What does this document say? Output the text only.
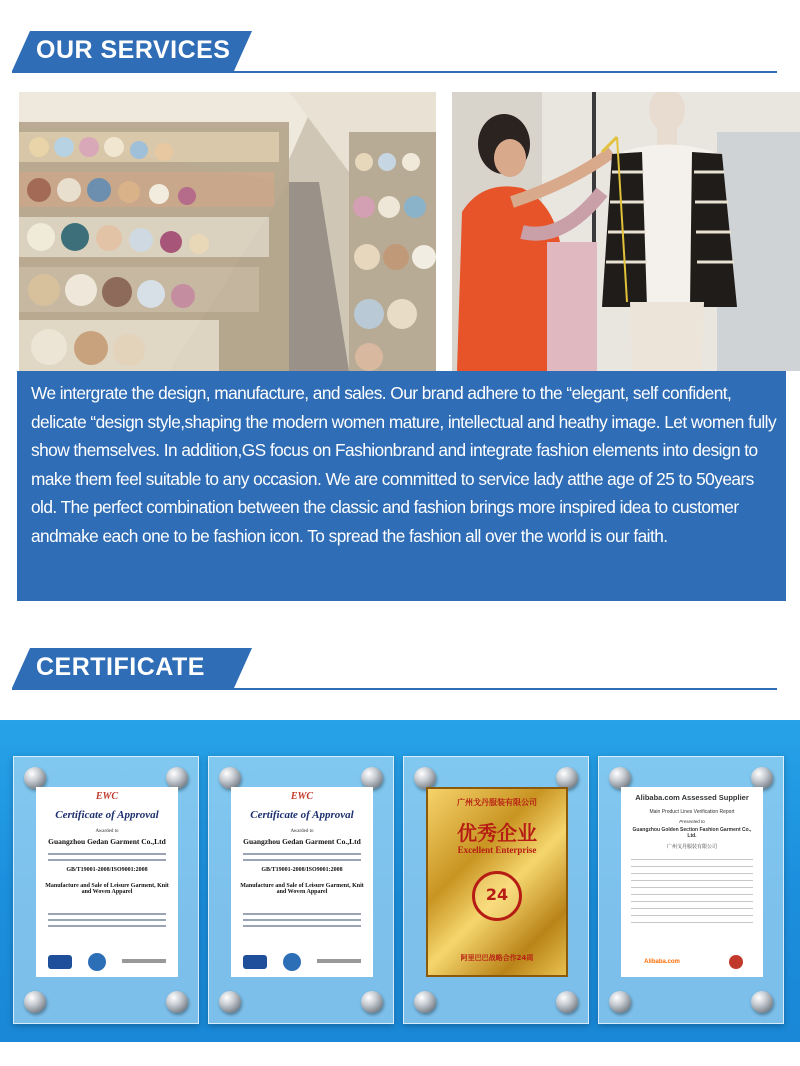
OUR SERVICES

We intergrate the design, manufacture, and sales. Our brand adhere to the “elegant, self confident, delicate “design style,shaping the modern women mature, intellectual and heathy image. Let women fully show themselves. In addition,GS focus on Fashionbrand and integrate fashion elements into design to make them feel suitable to any occasion. We are committed to service lady atthe age of 25 to 50years old. The perfect combination between the classic and fashion brings more inspired idea to customer andmake each one to be fashion icon. To spread the fashion all over the world is our faith.

CERTIFICATE
EWC
Certificate of Approval
Awarded to
Guangzhou Gedan Garment Co.,Ltd
GB/T19001-2008/ISO9001:2008
Manufacture and Sale of Leisure Garment, Knit and Woven Apparel
EWC
Certificate of Approval
Awarded to
Guangzhou Gedan Garment Co.,Ltd
GB/T19001-2008/ISO9001:2008
Manufacture and Sale of Leisure Garment, Knit and Woven Apparel
广州戈丹服装有限公司
优秀企业
Excellent Enterprise
24
阿里巴巴战略合作24周
Alibaba.com Assessed Supplier
Main Product Lines Verification Report
Presented to
Guangzhou Golden Section Fashion Garment Co., Ltd.
广州戈丹服装有限公司
Alibaba.com
